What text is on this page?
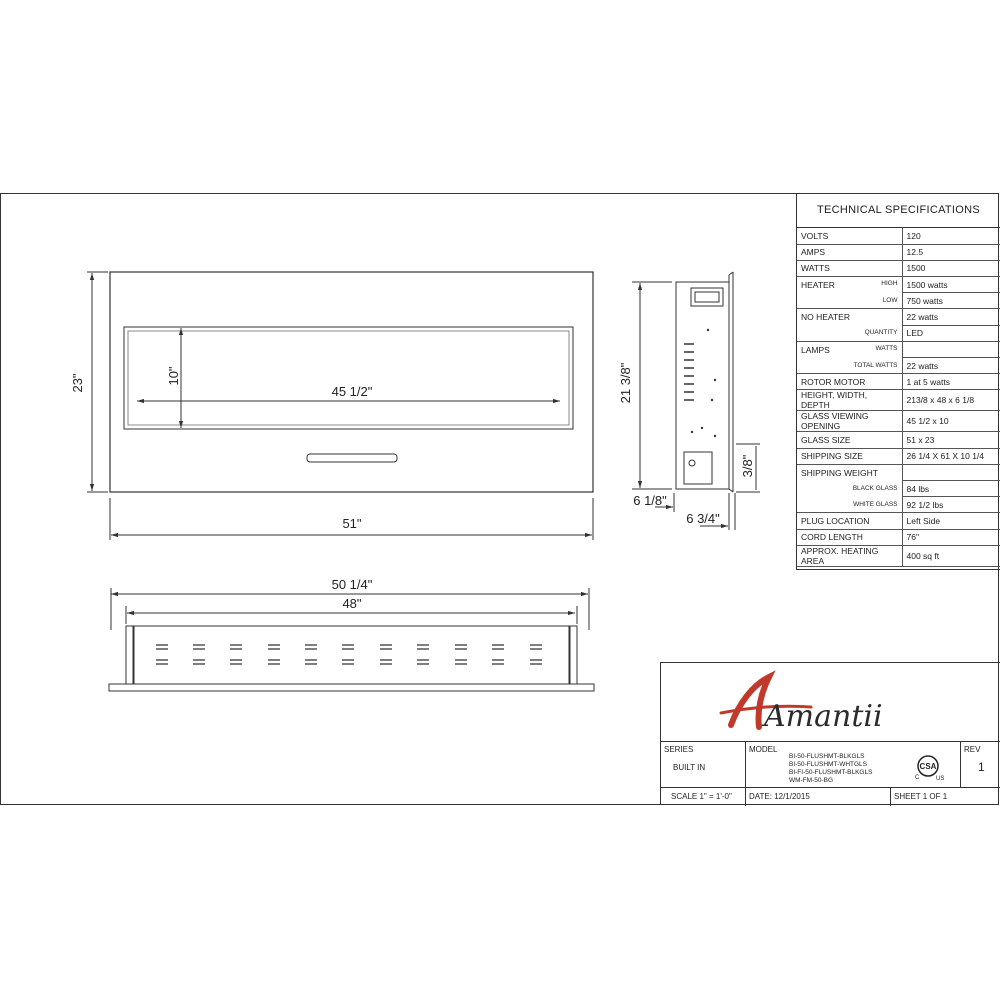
23"
51"
10"
45 1/2"	21 3/8"
3/8"
6 1/8"
6 3/4"
50 1/4"
48"
TECHNICAL SPECIFICATIONS
VOLTS	120
AMPS	12.5
WATTS	1500
HEATER HIGH	1500 watts

LOW	750 watts
NO HEATER	22 watts

QUANTITY	LED
LAMPS WATTS	

TOTAL WATTS	22 watts
ROTOR MOTOR	1 at 5 watts
HEIGHT, WIDTH, DEPTH	213/8 x 48 x 6 1/8
GLASS VIEWING OPENING	45 1/2 x 10
GLASS SIZE	51 x 23
SHIPPING SIZE	26 1/4 X 61 X 10 1/4
SHIPPING WEIGHT

BLACK GLASS	84 lbs

WHITE GLASS	92 1/2 lbs
PLUG LOCATION	Left Side
CORD LENGTH	76"
APPROX. HEATING AREA	400 sq ft
Amantii
SERIES
BUILT IN
MODEL
BI-50-FLUSHMT-BLKGLS
BI-50-FLUSHMT-WHTGLS
BI-FI-50-FLUSHMT-BLKGLS
WM-FM-50-BG
CSA
C	US
REV
1
SCALE 1" = 1'-0"	DATE: 12/1/2015	SHEET 1 OF 1
